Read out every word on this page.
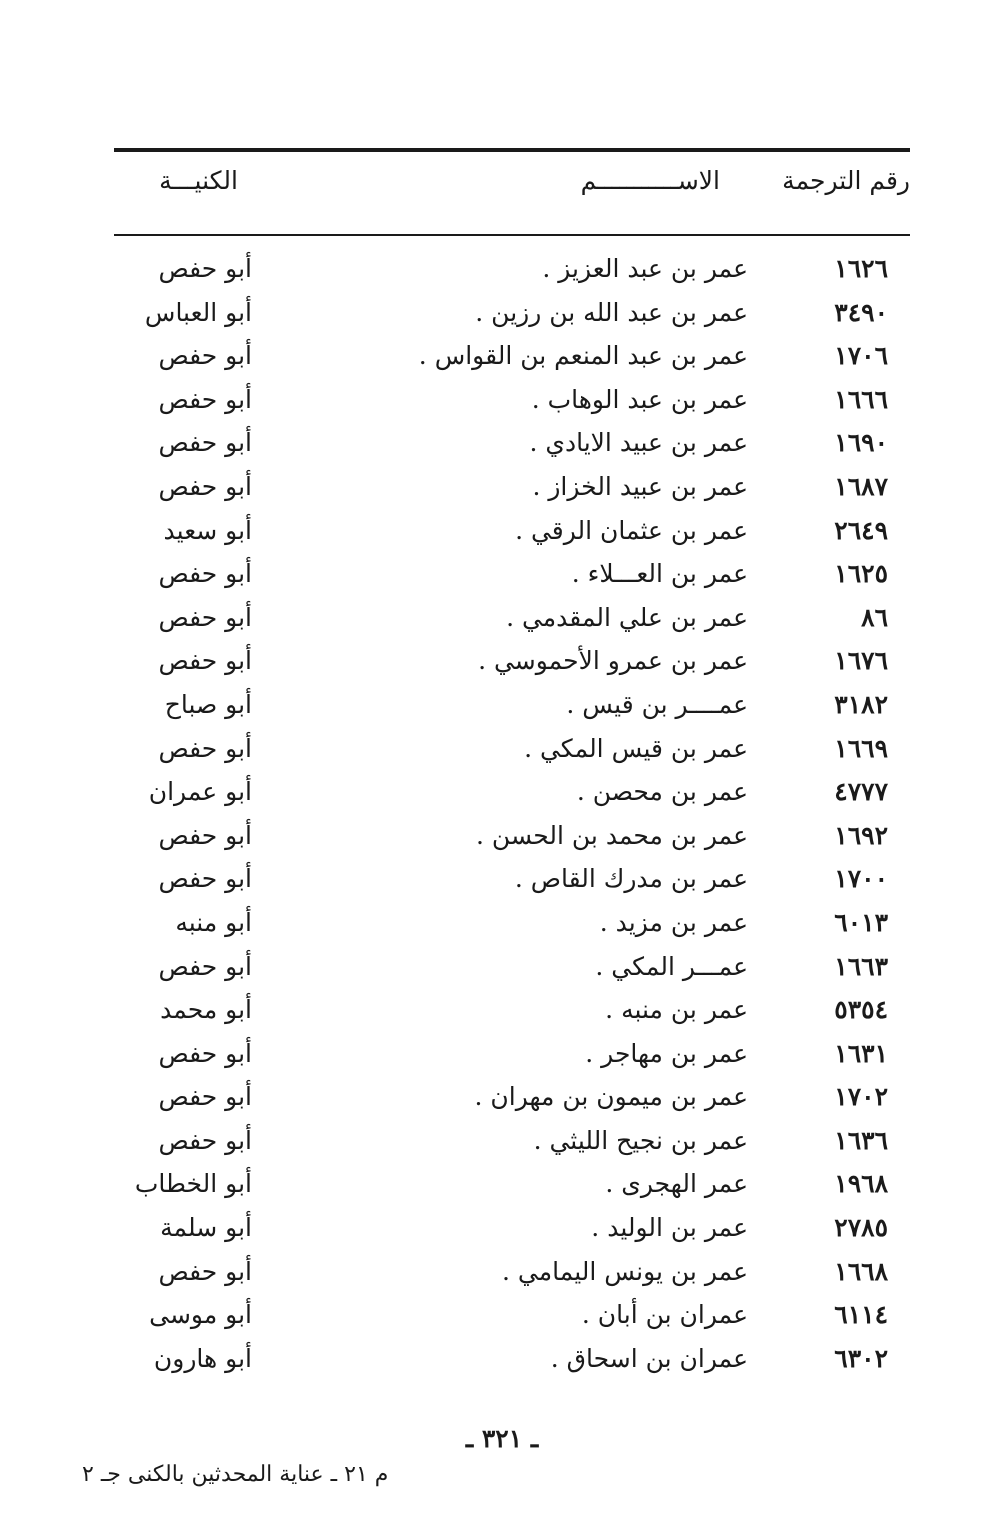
رقم الترجمة
الاســـــــــــم
الكنيـــة
١٦٢٦
عمر بن عبد العزيز .
أبو حفص
٣٤٩٠
عمر بن عبد الله بن رزين .
أبو العباس
١٧٠٦
عمر بن عبد المنعم بن القواس .
أبو حفص
١٦٦٦
عمر بن عبد الوهاب .
أبو حفص
١٦٩٠
عمر بن عبيد الايادي .
أبو حفص
١٦٨٧
عمر بن عبيد الخزاز .
أبو حفص
٢٦٤٩
عمر بن عثمان الرقي .
أبو سعيد
١٦٢٥
عمر بن العـــلاء .
أبو حفص
٨٦
عمر بن علي المقدمي .
أبو حفص
١٦٧٦
عمر بن عمرو الأحموسي .
أبو حفص
٣١٨٢
عمــــر بن قيس .
أبو صباح
١٦٦٩
عمر بن قيس المكي .
أبو حفص
٤٧٧٧
عمر بن محصن .
أبو عمران
١٦٩٢
عمر بن محمد بن الحسن .
أبو حفص
١٧٠٠
عمر بن مدرك القاص .
أبو حفص
٦٠١٣
عمر بن مزيد .
أبو منبه
١٦٦٣
عمـــر المكي .
أبو حفص
٥٣٥٤
عمر بن منبه .
أبو محمد
١٦٣١
عمر بن مهاجر .
أبو حفص
١٧٠٢
عمر بن ميمون بن مهران .
أبو حفص
١٦٣٦
عمر بن نجيح الليثي .
أبو حفص
١٩٦٨
عمر الهجرى .
أبو الخطاب
٢٧٨٥
عمر بن الوليد .
أبو سلمة
١٦٦٨
عمر بن يونس اليمامي .
أبو حفص
٦١١٤
عمران بن أبان .
أبو موسى
٦٣٠٢
عمران بن اسحاق .
أبو هارون
ـ ٣٢١ ـ
م ٢١ ـ عناية المحدثين بالكنى جـ ٢
